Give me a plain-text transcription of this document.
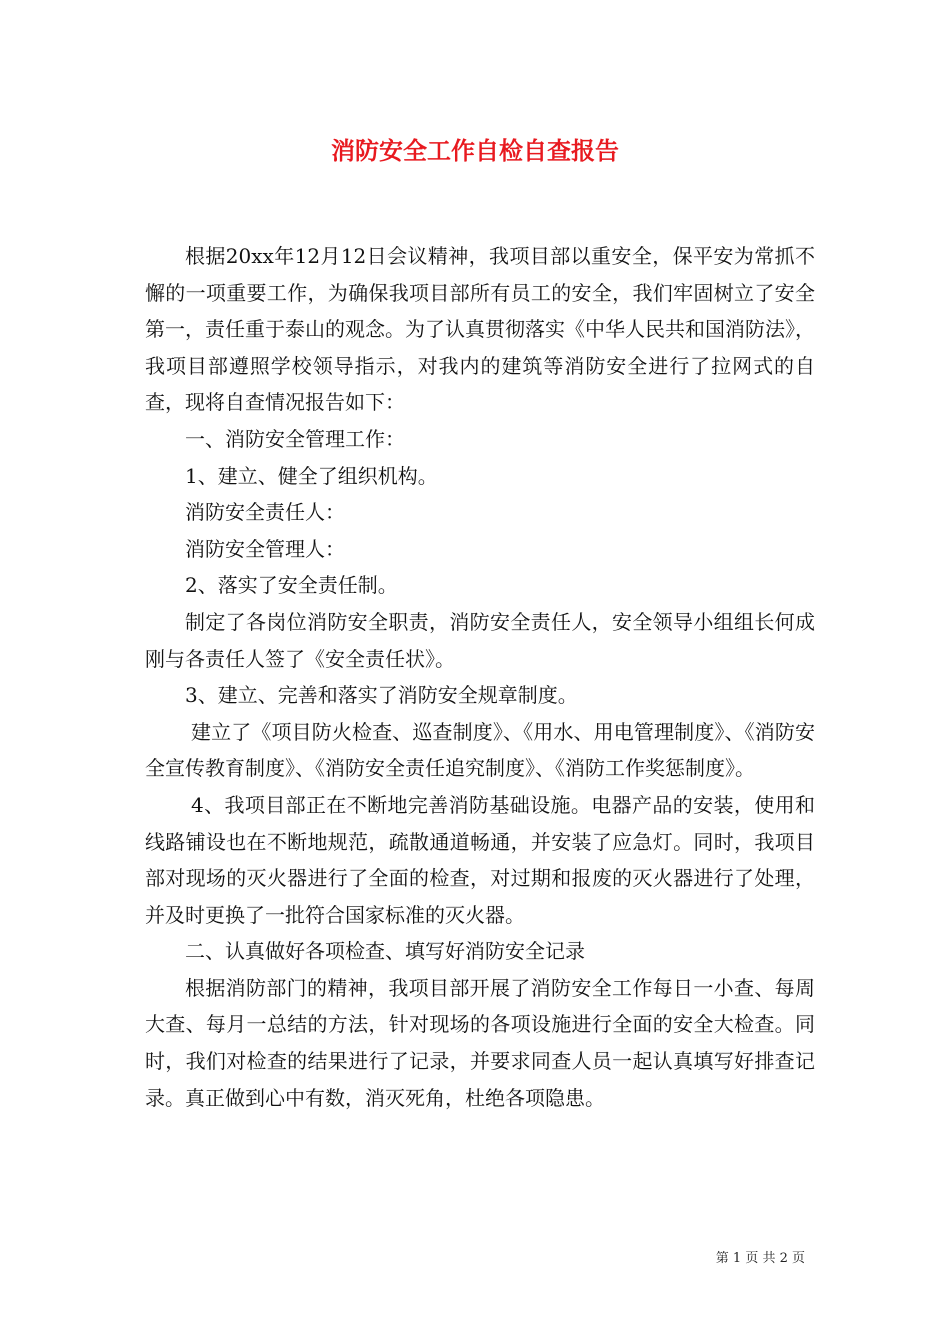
消防安全工作自检自查报告

根据20xx年12月12日会议精神，我项目部以重安全，保平安为常抓不懈的一项重要工作，为确保我项目部所有员工的安全，我们牢固树立了安全第一，责任重于泰山的观念。为了认真贯彻落实《中华人民共和国消防法》，我项目部遵照学校领导指示，对我内的建筑等消防安全进行了拉网式的自查，现将自查情况报告如下：

一、消防安全管理工作：

1、建立、健全了组织机构。

消防安全责任人：

消防安全管理人：

2、落实了安全责任制。

制定了各岗位消防安全职责，消防安全责任人，安全领导小组组长何成刚与各责任人签了《安全责任状》。

3、建立、完善和落实了消防安全规章制度。

建立了《项目防火检查、巡查制度》、《用水、用电管理制度》、《消防安全宣传教育制度》、《消防安全责任追究制度》、《消防工作奖惩制度》。

4、我项目部正在不断地完善消防基础设施。电器产品的安装，使用和线路铺设也在不断地规范，疏散通道畅通，并安装了应急灯。同时，我项目部对现场的灭火器进行了全面的检查，对过期和报废的灭火器进行了处理，并及时更换了一批符合国家标准的灭火器。

二、认真做好各项检查、填写好消防安全记录

根据消防部门的精神，我项目部开展了消防安全工作每日一小查、每周大查、每月一总结的方法，针对现场的各项设施进行全面的安全大检查。同时，我们对检查的结果进行了记录，并要求同查人员一起认真填写好排查记录。真正做到心中有数，消灭死角，杜绝各项隐患。

第 1 页 共 2 页
